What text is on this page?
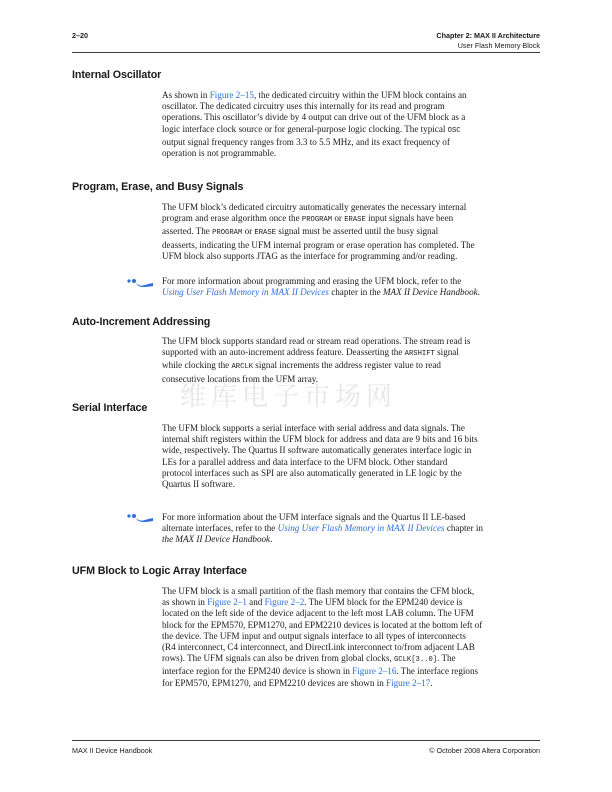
2–20	Chapter 2: MAX II Architecture
User Flash Memory Block
维库电子市场网
Internal Oscillator
As shown in Figure 2–15, the dedicated circuitry within the UFM block contains an
oscillator. The dedicated circuitry uses this internally for its read and program
operations. This oscillator’s divide by 4 output can drive out of the UFM block as a
logic interface clock source or for general-purpose logic clocking. The typical OSC
output signal frequency ranges from 3.3 to 5.5 MHz, and its exact frequency of
operation is not programmable.
Program, Erase, and Busy Signals
The UFM block’s dedicated circuitry automatically generates the necessary internal
program and erase algorithm once the PROGRAM or ERASE input signals have been
asserted. The PROGRAM or ERASE signal must be asserted until the busy signal
deasserts, indicating the UFM internal program or erase operation has completed. The
UFM block also supports JTAG as the interface for programming and/or reading.
For more information about programming and erasing the UFM block, refer to the
Using User Flash Memory in MAX II Devices chapter in the MAX II Device Handbook.
Auto-Increment Addressing
The UFM block supports standard read or stream read operations. The stream read is
supported with an auto-increment address feature. Deasserting the ARSHIFT signal
while clocking the ARCLK signal increments the address register value to read
consecutive locations from the UFM array.
Serial Interface
The UFM block supports a serial interface with serial address and data signals. The
internal shift registers within the UFM block for address and data are 9 bits and 16 bits
wide, respectively. The Quartus II software automatically generates interface logic in
LEs for a parallel address and data interface to the UFM block. Other standard
protocol interfaces such as SPI are also automatically generated in LE logic by the
Quartus II software.
For more information about the UFM interface signals and the Quartus II LE-based
alternate interfaces, refer to the Using User Flash Memory in MAX II Devices chapter in
the MAX II Device Handbook.
UFM Block to Logic Array Interface
The UFM block is a small partition of the flash memory that contains the CFM block,
as shown in Figure 2–1 and Figure 2–2. The UFM block for the EPM240 device is
located on the left side of the device adjacent to the left most LAB column. The UFM
block for the EPM570, EPM1270, and EPM2210 devices is located at the bottom left of
the device. The UFM input and output signals interface to all types of interconnects
(R4 interconnect, C4 interconnect, and DirectLink interconnect to/from adjacent LAB
rows). The UFM signals can also be driven from global clocks, GCLK[3..0]. The
interface region for the EPM240 device is shown in Figure 2–16. The interface regions
for EPM570, EPM1270, and EPM2210 devices are shown in Figure 2–17.
MAX II Device Handbook	© October 2008 Altera Corporation
